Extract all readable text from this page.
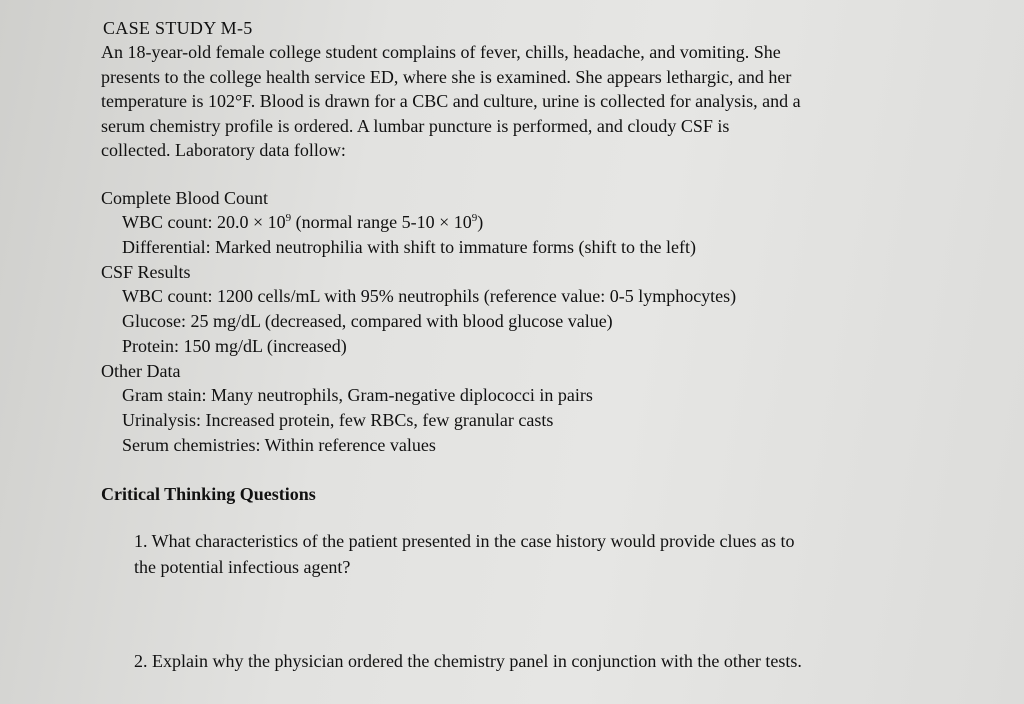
CASE STUDY M-5
An 18-year-old female college student complains of fever, chills, headache, and vomiting. She
presents to the college health service ED, where she is examined. She appears lethargic, and her
temperature is 102°F. Blood is drawn for a CBC and culture, urine is collected for analysis, and a
serum chemistry profile is ordered. A lumbar puncture is performed, and cloudy CSF is
collected. Laboratory data follow:
Complete Blood Count
WBC count: $20.0 \times 10^9$ (normal range $5-10 \times 10^9$)
Differential: Marked neutrophilia with shift to immature forms (shift to the left)
CSF Results
WBC count: 1200 cells/mL with 95% neutrophils (reference value: 0-5 lymphocytes)
Glucose: 25 mg/dL (decreased, compared with blood glucose value)
Protein: 150 mg/dL (increased)
Other Data
Gram stain: Many neutrophils, Gram-negative diplococci in pairs
Urinalysis: Increased protein, few RBCs, few granular casts
Serum chemistries: Within reference values
Critical Thinking Questions
1. What characteristics of the patient presented in the case history would provide clues as to
the potential infectious agent?
2. Explain why the physician ordered the chemistry panel in conjunction with the other tests.
